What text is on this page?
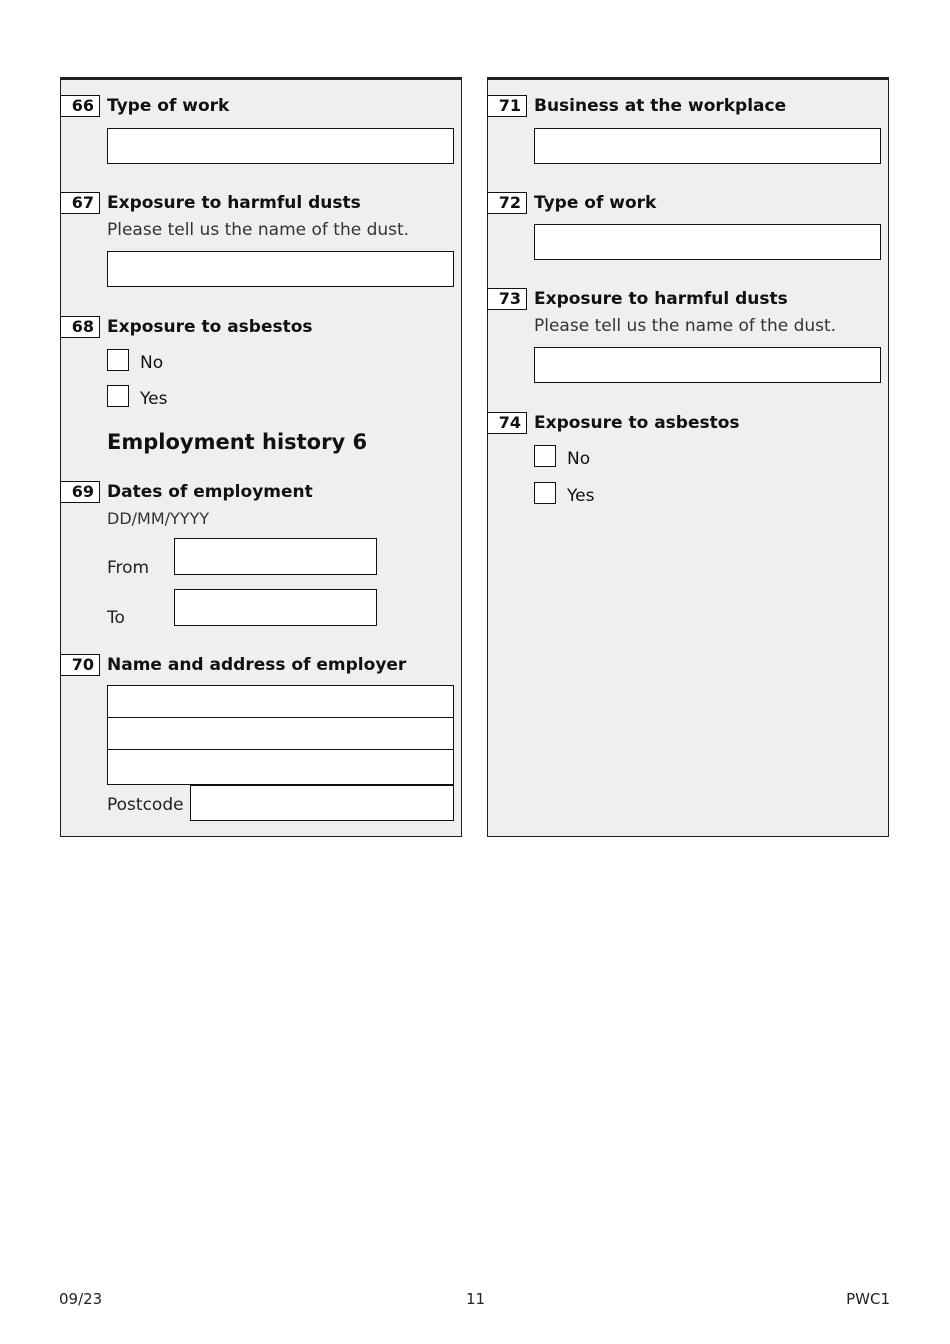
66 Type of work
67 Exposure to harmful dusts
Please tell us the name of the dust.
68 Exposure to asbestos
No
Yes
Employment history 6
69 Dates of employment
DD/MM/YYYY
From
To
70 Name and address of employer
Postcode
71 Business at the workplace
72 Type of work
73 Exposure to harmful dusts
Please tell us the name of the dust.
74 Exposure to asbestos
No
Yes
09/23	11	PWC1
